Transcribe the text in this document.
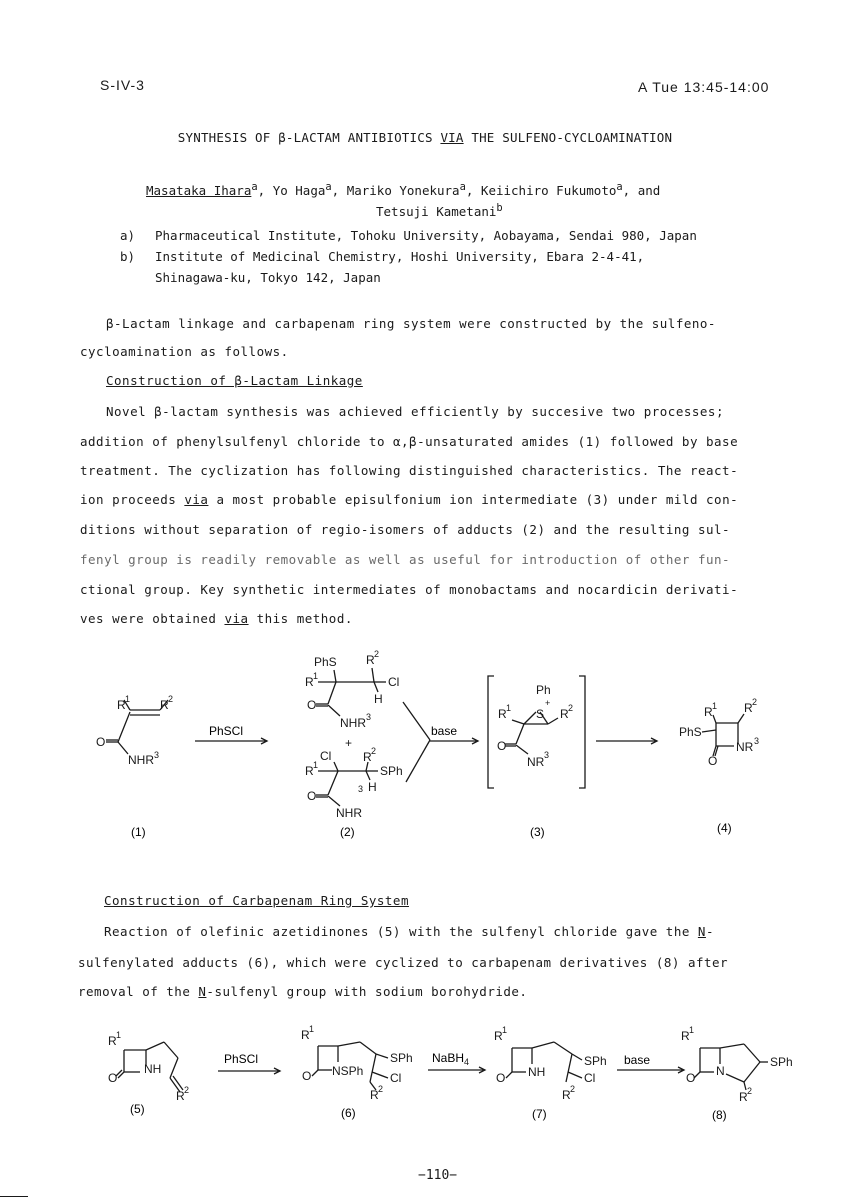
S-IV-3	A Tue 13:45-14:00
SYNTHESIS OF β-LACTAM ANTIBIOTICS VIA THE SULFENO-CYCLOAMINATION
Masataka Ihara$^a$, Yo Haga$^a$, Mariko Yonekura$^a$, Keiichiro Fukumoto$^a$, and
Tetsuji Kametani$^b$
a) Pharmaceutical Institute, Tohoku University, Aobayama, Sendai 980, Japan
b) Institute of Medicinal Chemistry, Hoshi University, Ebara 2-4-41,
Shinagawa-ku, Tokyo 142, Japan
β-Lactam linkage and carbapenam ring system were constructed by the sulfeno-
cycloamination as follows.
Construction of β-Lactam Linkage
Novel β-lactam synthesis was achieved efficiently by succesive two processes;
addition of phenylsulfenyl chloride to α,β-unsaturated amides (1) followed by base
treatment. The cyclization has following distinguished characteristics. The react-
ion proceeds via a most probable episulfonium ion intermediate (3) under mild con-
ditions without separation of regio-isomers of adducts (2) and the resulting sul-
fenyl group is readily removable as well as useful for introduction of other fun-
ctional group. Key synthetic intermediates of monobactams and nocardicin derivati-
ves were obtained via this method.
R 1 R 2
O
NHR 3
(1)
PhSCl
PhS R 2
R 1	Cl
H
O
NHR 3
+
Cl	R 2
R 1	SPh
H
O
NHR
3
(2)
base
Ph
R 1 S
+
R 2
O
NR 3
(3)
R 1 R 2
PhS
NR 3
O
(4)
Construction of Carbapenam Ring System
Reaction of olefinic azetidinones (5) with the sulfenyl chloride gave the N-
sulfenylated adducts (6), which were cyclized to carbapenam derivatives (8) after
removal of the N-sulfenyl group with sodium borohydride.
R 1
O
NH
R 2
(5)
PhSCl
R 1
O NSPh
SPh
Cl
R 2
(6)
NaBH$_4$
R 1
O NH
SPh
Cl
R 2
(7)
base
R 1
O N
SPh
R 2
(8)
−110−
